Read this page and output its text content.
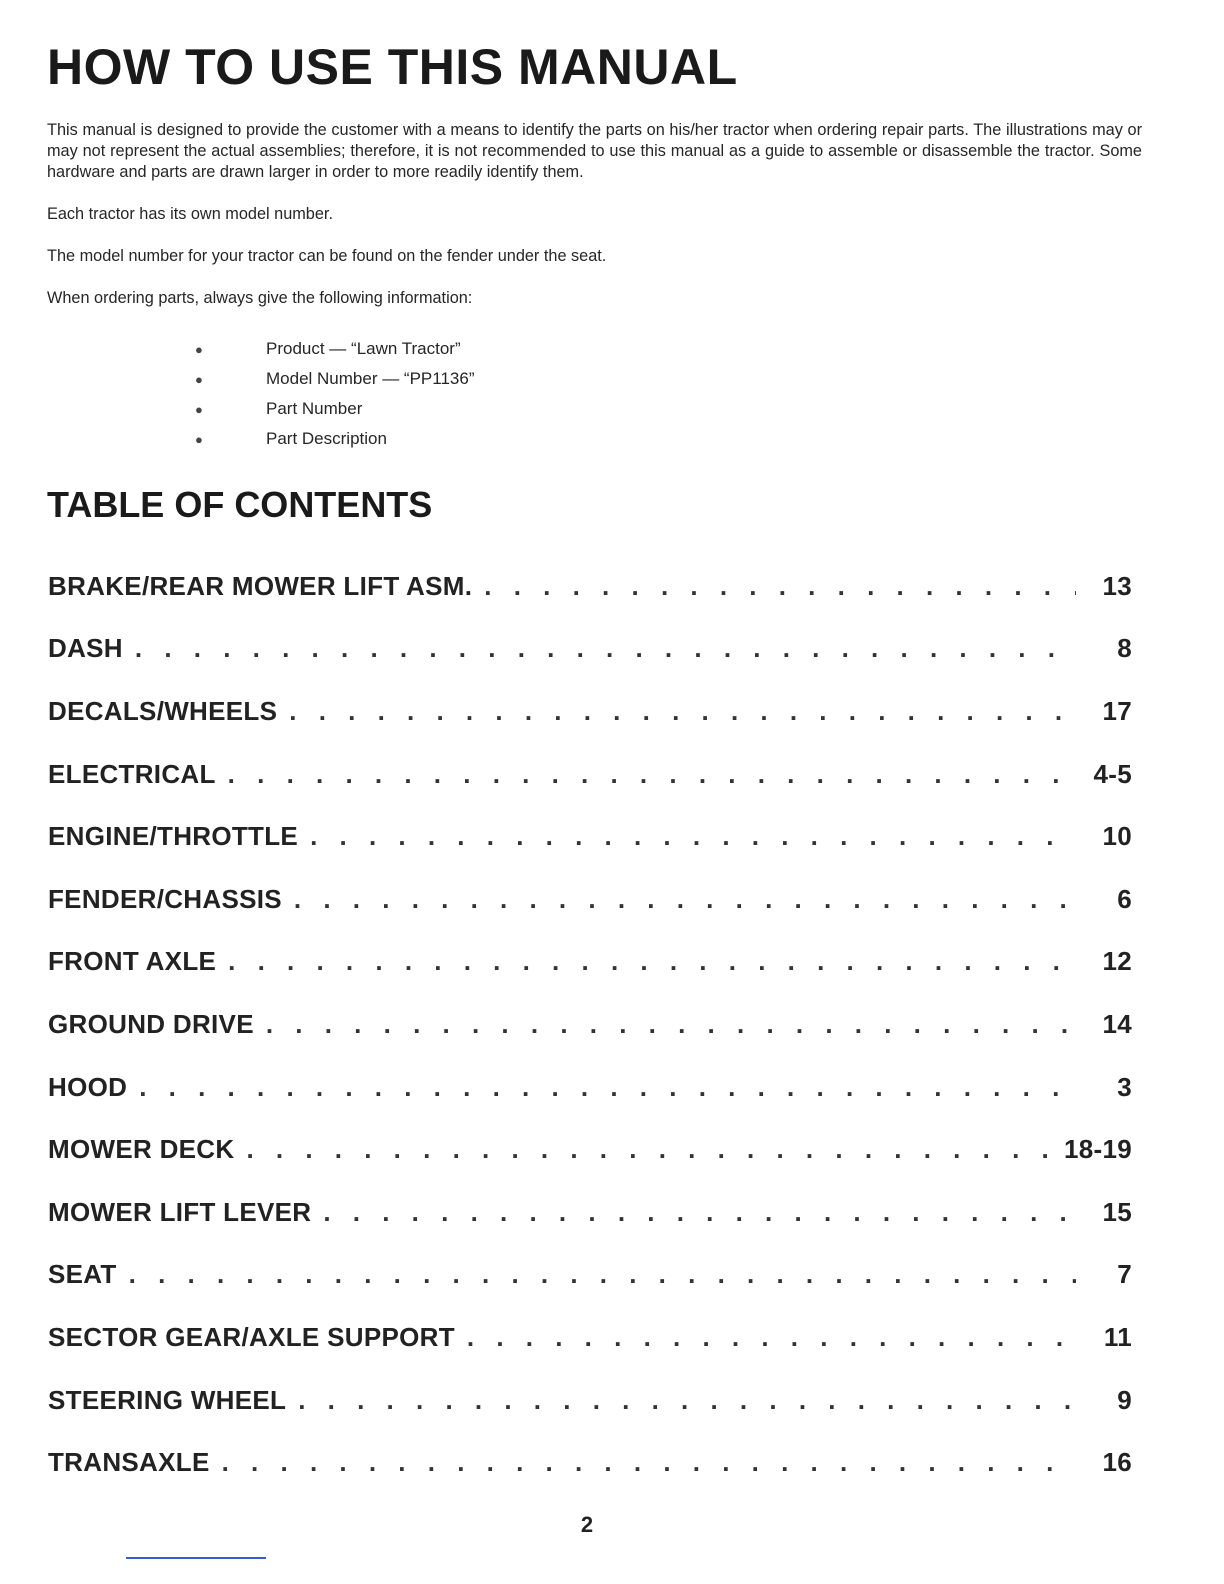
HOW TO USE THIS MANUAL

This manual is designed to provide the customer with a means to identify the parts on his/her tractor when ordering repair parts. The illustrations may or may not represent the actual assemblies; therefore, it is not recommended to use this manual as a guide to assemble or disassemble the tractor. Some hardware and parts are drawn larger in order to more readily identify them.

Each tractor has its own model number.

The model number for your tractor can be found on the fender under the seat.

When ordering parts, always give the following information:

●	Product — “Lawn Tractor”
●	Model Number — “PP1136”
●	Part Number
●	Part Description
TABLE OF CONTENTS
BRAKE/REAR MOWER LIFT ASM. . . .	13
DASH . . .	8
DECALS/WHEELS . . .	17
ELECTRICAL . . .	4-5
ENGINE/THROTTLE . . .	10
FENDER/CHASSIS . . .	6
FRONT AXLE . . .	12
GROUND DRIVE . . .	14
HOOD . . .	3
MOWER DECK . . .	18-19
MOWER LIFT LEVER . . .	15
SEAT . . .	7
SECTOR GEAR/AXLE SUPPORT . . .	11
STEERING WHEEL . . .	9
TRANSAXLE . . .	16
2
